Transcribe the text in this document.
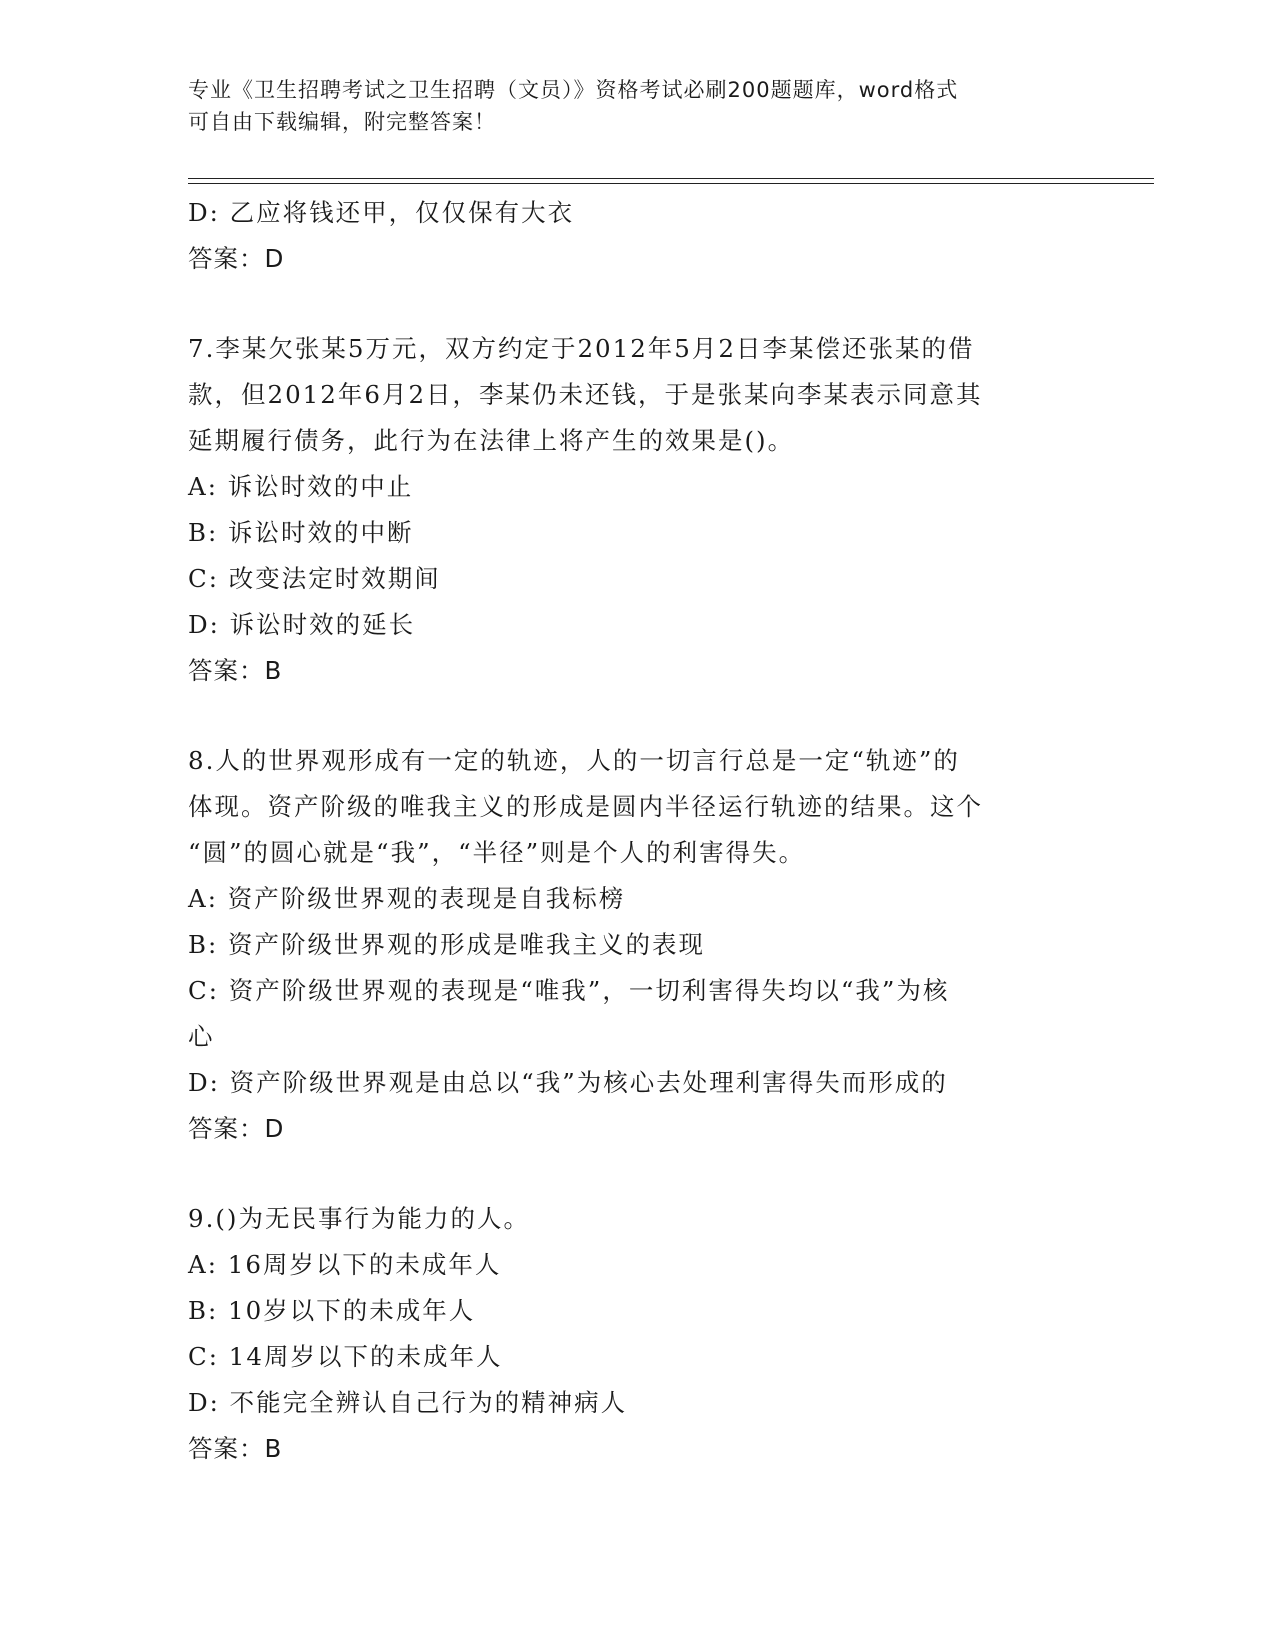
专业《卫生招聘考试之卫生招聘（文员）》资格考试必刷200题题库，word格式

可自由下载编辑，附完整答案！

D: 乙应将钱还甲，仅仅保有大衣

答案：D

7.李某欠张某5万元，双方约定于2012年5月2日李某偿还张某的借

款，但2012年6月2日，李某仍未还钱，于是张某向李某表示同意其

延期履行债务，此行为在法律上将产生的效果是()。

A: 诉讼时效的中止

B: 诉讼时效的中断

C: 改变法定时效期间

D: 诉讼时效的延长

答案：B

8.人的世界观形成有一定的轨迹，人的一切言行总是一定“轨迹”的

体现。资产阶级的唯我主义的形成是圆内半径运行轨迹的结果。这个

“圆”的圆心就是“我”，“半径”则是个人的利害得失。

A: 资产阶级世界观的表现是自我标榜

B: 资产阶级世界观的形成是唯我主义的表现

C: 资产阶级世界观的表现是“唯我”，一切利害得失均以“我”为核

心

D: 资产阶级世界观是由总以“我”为核心去处理利害得失而形成的

答案：D

9.()为无民事行为能力的人。

A: 16周岁以下的未成年人

B: 10岁以下的未成年人

C: 14周岁以下的未成年人

D: 不能完全辨认自己行为的精神病人

答案：B
